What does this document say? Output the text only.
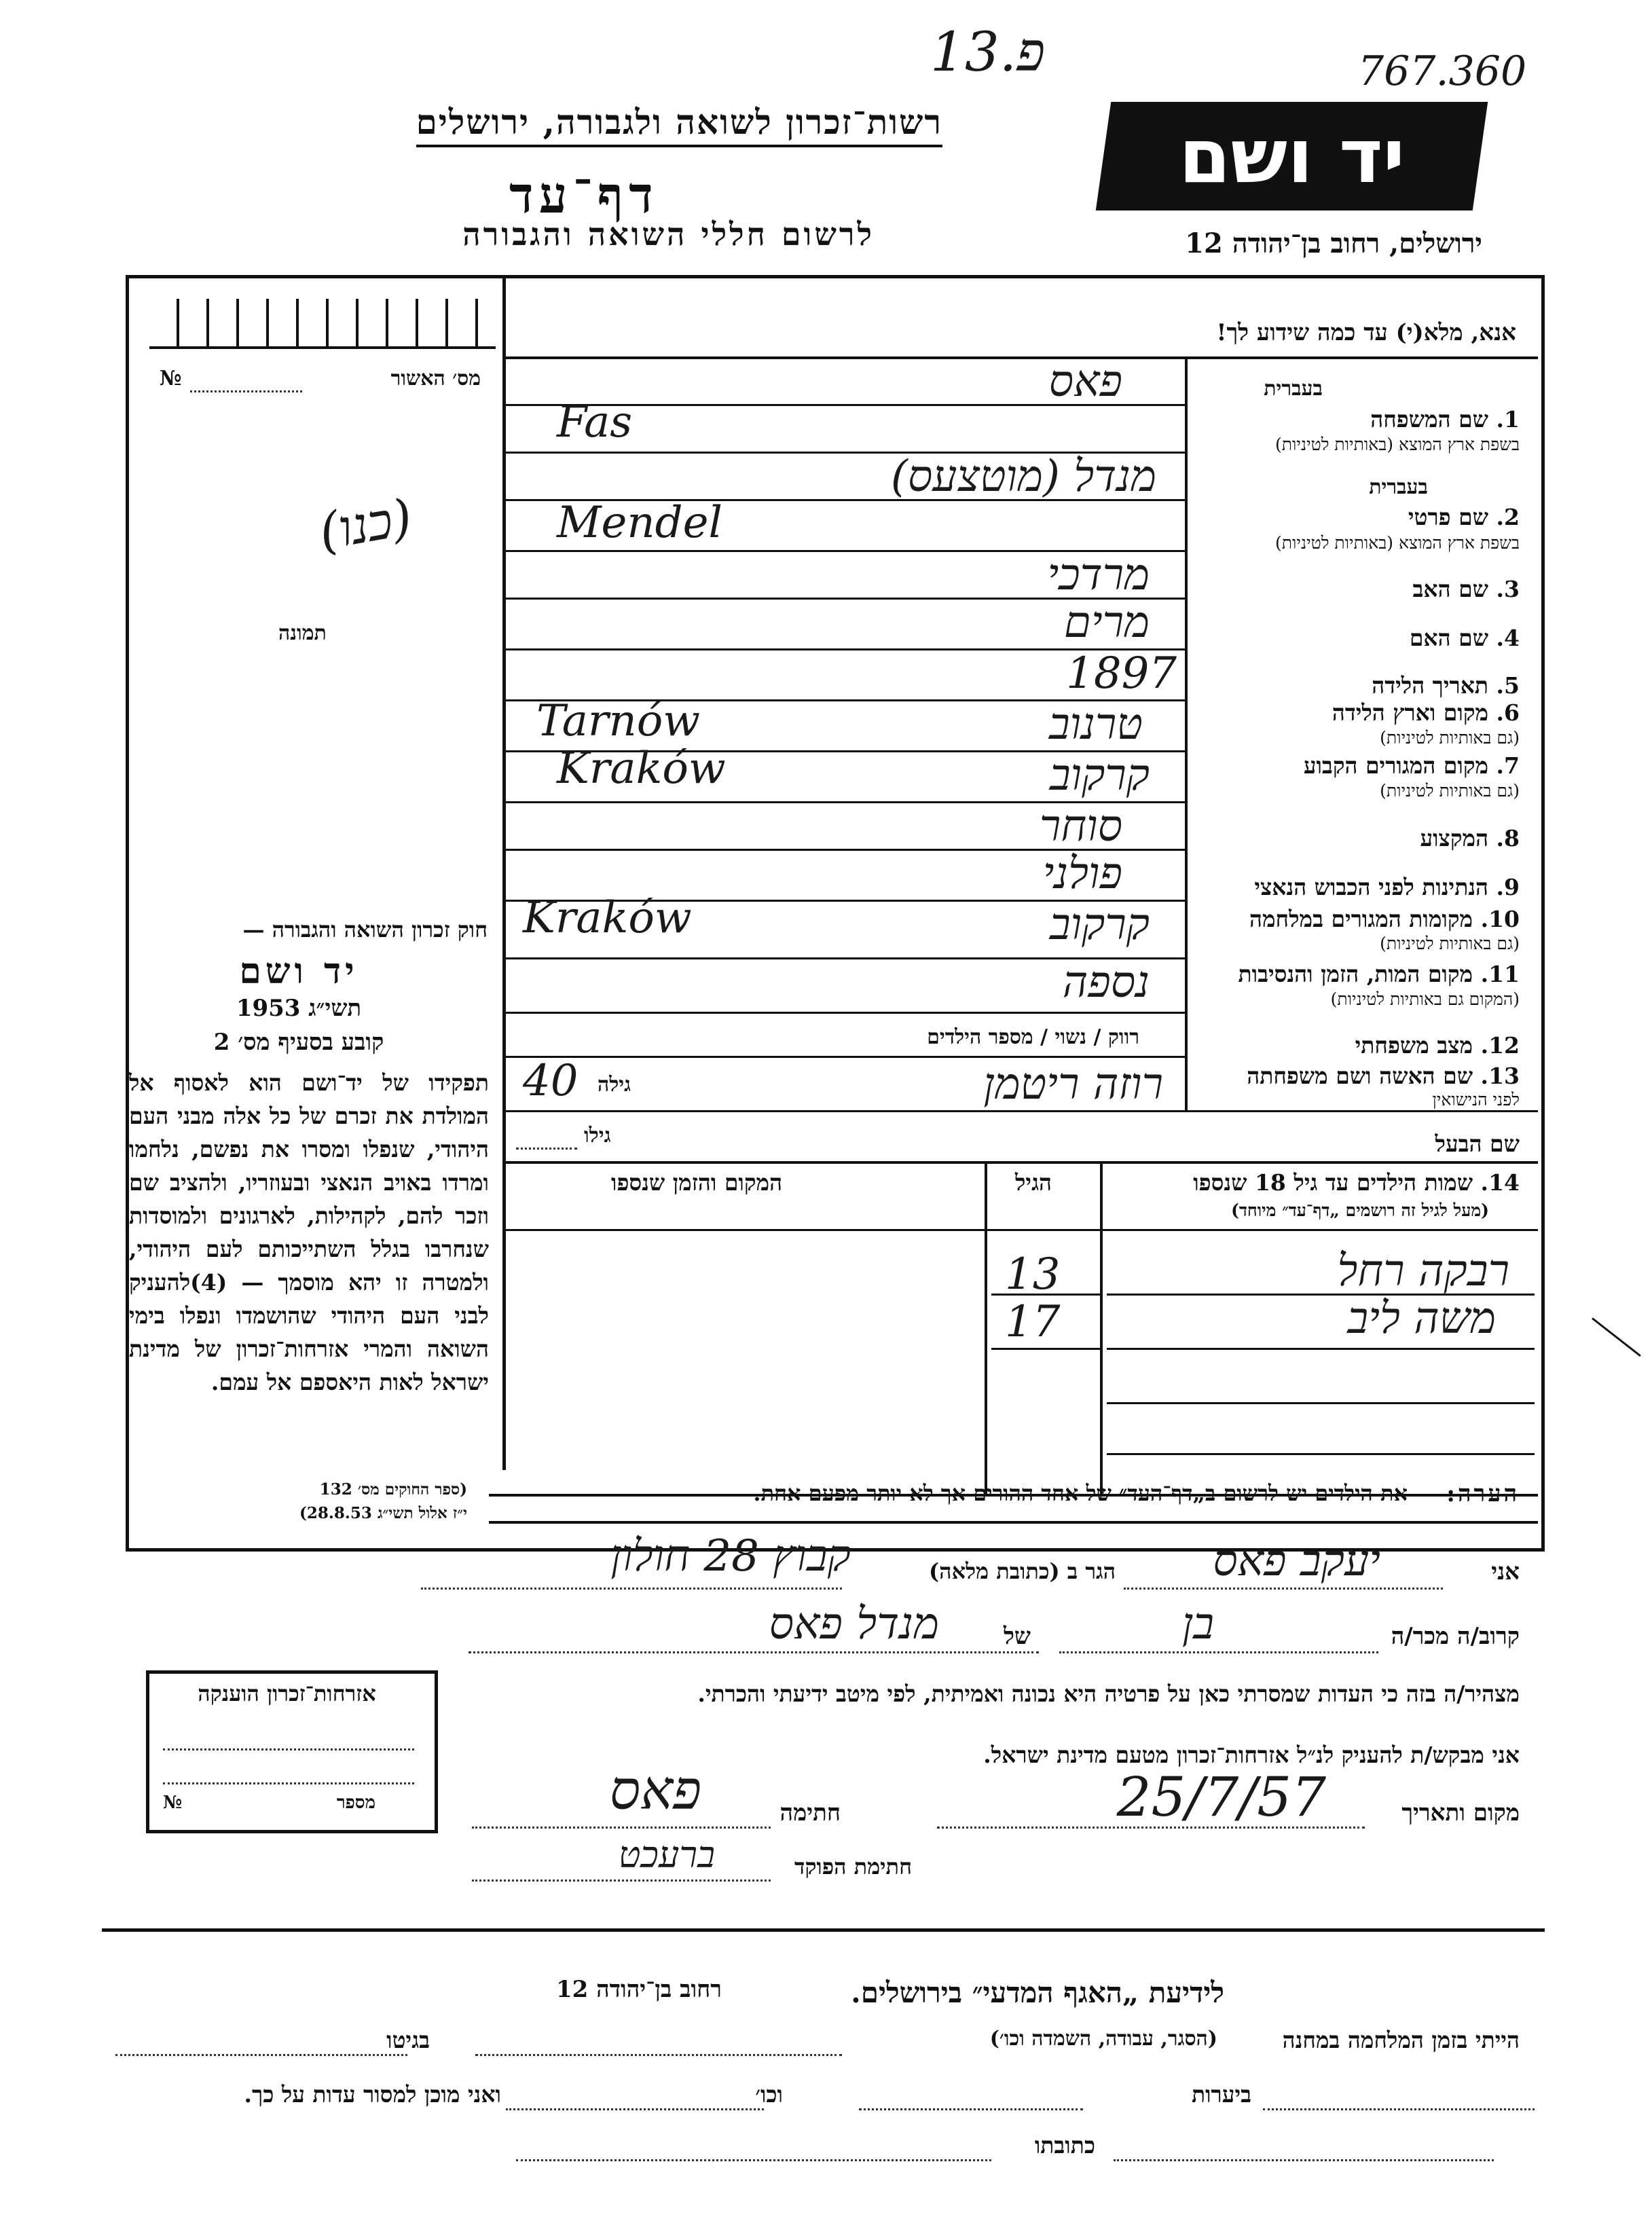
פ.13	767.360
רשות־זכרון לשואה ולגבורה, ירושלים
דף־עד
לרשום חללי השואה והגבורה
יד ושם
ירושלים, רחוב בן־יהודה 12
מס׳ האשור
№
(כנו)
תמונה
חוק זכרון השואה והגבורה —
יד ושם
תשי״ג 1953
קובע בסעיף מס׳ 2
תפקידו של יד־ושם הוא לאסוף אל המולדת את זכרם של כל אלה מבני העם היהודי, שנפלו ומסרו את נפשם, נלחמו ומרדו באויב הנאצי ובעוזריו, ולהציב שם וזכר להם, לקהילות, לארגונים ולמוסדות שנחרבו בגלל השתייכותם לעם היהודי, ולמטרה זו יהא מוסמך — (4)להעניק לבני העם היהודי שהושמדו ונפלו בימי השואה והמרי אזרחות־זכרון של מדינת ישראל לאות היאספם אל עמם.
(ספר החוקים מס׳ 132
י״ז אלול תשי״ג 28.8.53)
אזרחות־זכרון הוענקה
מספר
№
אנא, מלא(י) עד כמה שידוע לך!
בעברית
1. שם המשפחה
בשפת ארץ המוצא (באותיות לטיניות)
בעברית
2. שם פרטי
בשפת ארץ המוצא (באותיות לטיניות)
3. שם האב
4. שם האם
5. תאריך הלידה
6. מקום וארץ הלידה
(גם באותיות לטיניות)
7. מקום המגורים הקבוע
(גם באותיות לטיניות)
8. המקצוע
9. הנתינות לפני הכבוש הנאצי
10. מקומות המגורים במלחמה
(גם באותיות לטיניות)
11. מקום המות, הזמן והנסיבות
(המקום גם באותיות לטיניות)
12. מצב משפחתי
13. שם האשה ושם משפחתה
לפני הנישואין
שם הבעל
פאס
Fas
מנדל (מוטצעס)
Mendel
מרדכי
מרים
1897
טרנוב
Tarnów
קרקוב
Kraków
סוחר
פולני
קרקוב
Kraków
נספה
רווק / נשוי / מספר הילדים
רוזה ריטמן
גילה
40
גילו
14. שמות הילדים עד גיל 18 שנספו
(מעל לגיל זה רושמים „דף־עד״ מיוחד)
הגיל
המקום והזמן שנספו
רבקה רחל
13
משה ליב
17
הערה:
את הילדים יש לרשום ב„דף־העד״ של אחד ההורים אך לא יותר מפעם אחת.
אני
יעקב פאס
הגר ב (כתובת מלאה)
קבוץ 28 חולון
קרוב/ה מכר/ה
בן
של
מנדל פאס
מצהיר/ה בזה כי העדות שמסרתי כאן על פרטיה היא נכונה ואמיתית, לפי מיטב ידיעתי והכרתי.
אני מבקש/ת להעניק לנ״ל אזרחות־זכרון מטעם מדינת ישראל.
מקום ותאריך
25/7/57
חתימה
פאס
חתימת הפוקד
ברעכט
לידיעת „האגף המדעי״ בירושלים.
רחוב בן־יהודה 12
הייתי בזמן המלחמה במחנה
(הסגר, עבודה, השמדה וכו׳)
בגיטו
ביערות
וכו׳
ואני מוכן למסור עדות על כך.
כתובתו
